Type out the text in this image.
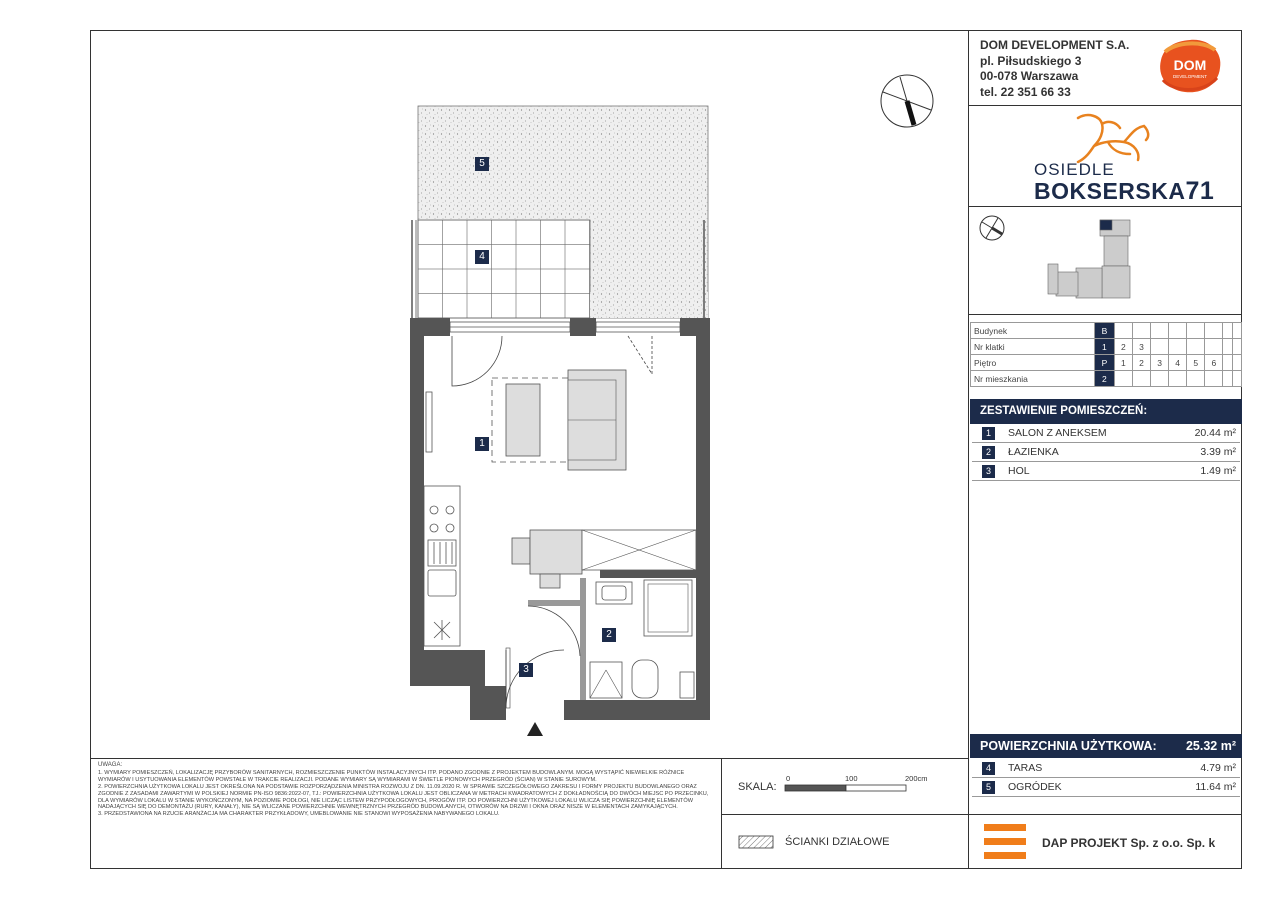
DOM DEVELOPMENT S.A.
pl. Piłsudskiego 3
00-078 Warszawa
tel. 22 351 66 33
DOM
DEVELOPMENT
OSIEDLE
BOKSERSKA71
Budynek	B								
Nr klatki	1	2	3						
Piętro	P	1	2	3	4	5	6		
Nr mieszkania	2								
ZESTAWIENIE POMIESZCZEŃ:
1	SALON Z ANEKSEM	20.44 m²
2	ŁAZIENKA	3.39 m²
3	HOL	1.49 m²
POWIERZCHNIA UŻYTKOWA: 25.32 m²
4	TARAS	4.79 m²
5	OGRÓDEK	11.64 m²
DAP PROJEKT Sp. z o.o. Sp. k
UWAGA:
1. WYMIARY POMIESZCZEŃ, LOKALIZACJĘ PRZYBORÓW SANITARNYCH, ROZMIESZCZENIE PUNKTÓW INSTALACYJNYCH ITP. PODANO ZGODNIE Z PROJEKTEM BUDOWLANYM. MOGĄ WYSTĄPIĆ NIEWIELKIE RÓŻNICE WYMIARÓW I USYTUOWANIA ELEMENTÓW POWSTAŁE W TRAKCIE REALIZACJI. PODANE WYMIARY SĄ WYMIARAMI W ŚWIETLE PIONOWYCH PRZEGRÓD (ŚCIAN) W STANIE SUROWYM.
2. POWIERZCHNIA UŻYTKOWA LOKALU JEST OKREŚLONA NA PODSTAWIE ROZPORZĄDZENIA MINISTRA ROZWOJU Z DN. 11.09.2020 R. W SPRAWIE SZCZEGÓŁOWEGO ZAKRESU I FORMY PROJEKTU BUDOWLANEGO ORAZ ZGODNIE Z ZASADAMI ZAWARTYMI W POLSKIEJ NORMIE PN-ISO 9836:2022-07, TJ.: POWIERZCHNIA UŻYTKOWA LOKALU JEST OBLICZANA W METRACH KWADRATOWYCH Z DOKŁADNOŚCIĄ DO DWÓCH MIEJSC PO PRZECINKU, DLA WYMIARÓW LOKALU W STANIE WYKOŃCZONYM, NA POZIOMIE PODŁOGI, NIE LICZĄC LISTEW PRZYPODŁOGOWYCH, PROGÓW ITP. DO POWIERZCHNI UŻYTKOWEJ LOKALU WLICZA SIĘ POWIERZCHNIĘ ELEMENTÓW NADAJĄCYCH SIĘ DO DEMONTAŻU (RURY, KANAŁY), NIE SĄ WLICZANE POWIERZCHNIE WEWNĘTRZNYCH PRZEGRÓD BUDOWLANYCH, OTWORÓW NA DRZWI I OKNA ORAZ NISZE W ELEMENTACH ZAMYKAJĄCYCH.
3. PRZEDSTAWIONA NA RZUCIE ARANŻACJA MA CHARAKTER PRZYKŁADOWY, UMEBLOWANIE NIE STANOWI WYPOSAŻENIA NABYWANEGO LOKALU.
SKALA:
0	100	200cm
ŚCIANKI DZIAŁOWE
5
4
1
2
3
